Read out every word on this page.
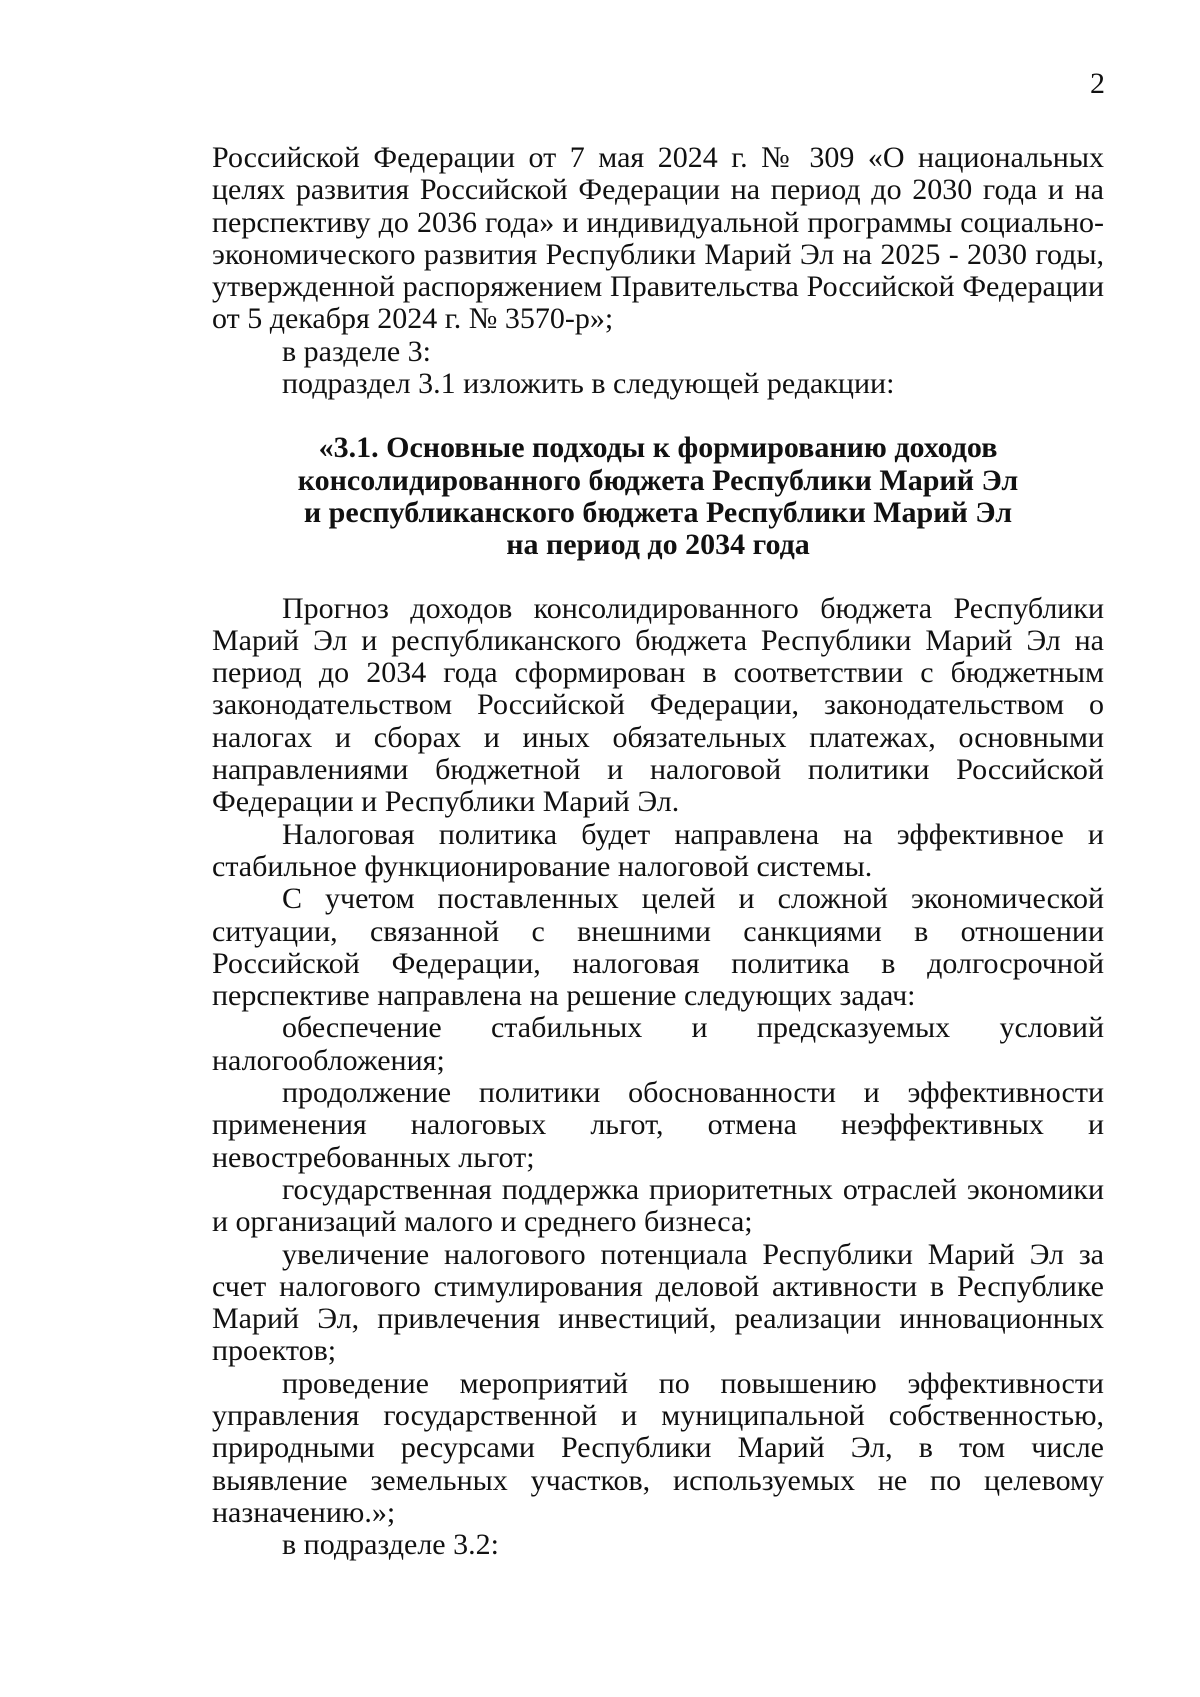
2

Российской Федерации от 7 мая 2024 г. № 309 «О национальных целях развития Российской Федерации на период до 2030 года и на перспективу до 2036 года» и индивидуальной программы социально-экономического развития Республики Марий Эл на 2025 - 2030 годы, утвержденной распоряжением Правительства Российской Федерации от 5 декабря 2024 г. № 3570-р»;

в разделе 3:

подраздел 3.1 изложить в следующей редакции:

«3.1. Основные подходы к формированию доходов
консолидированного бюджета Республики Марий Эл
и республиканского бюджета Республики Марий Эл
на период до 2034 года

Прогноз доходов консолидированного бюджета Республики Марий Эл и республиканского бюджета Республики Марий Эл на период до 2034 года сформирован в соответствии с бюджетным законодательством Российской Федерации, законодательством о налогах и сборах и иных обязательных платежах, основными направлениями бюджетной и налоговой политики Российской Федерации и Республики Марий Эл.

Налоговая политика будет направлена на эффективное и стабильное функционирование налоговой системы.

С учетом поставленных целей и сложной экономической ситуации, связанной с внешними санкциями в отношении Российской Федерации, налоговая политика в долгосрочной перспективе направлена на решение следующих задач:

обеспечение стабильных и предсказуемых условий налогообложения;

продолжение политики обоснованности и эффективности применения налоговых льгот, отмена неэффективных и невостребованных льгот;

государственная поддержка приоритетных отраслей экономики и организаций малого и среднего бизнеса;

увеличение налогового потенциала Республики Марий Эл за счет налогового стимулирования деловой активности в Республике Марий Эл, привлечения инвестиций, реализации инновационных проектов;

проведение мероприятий по повышению эффективности управления государственной и муниципальной собственностью, природными ресурсами Республики Марий Эл, в том числе выявление земельных участков, используемых не по целевому назначению.»;

в подразделе 3.2:
